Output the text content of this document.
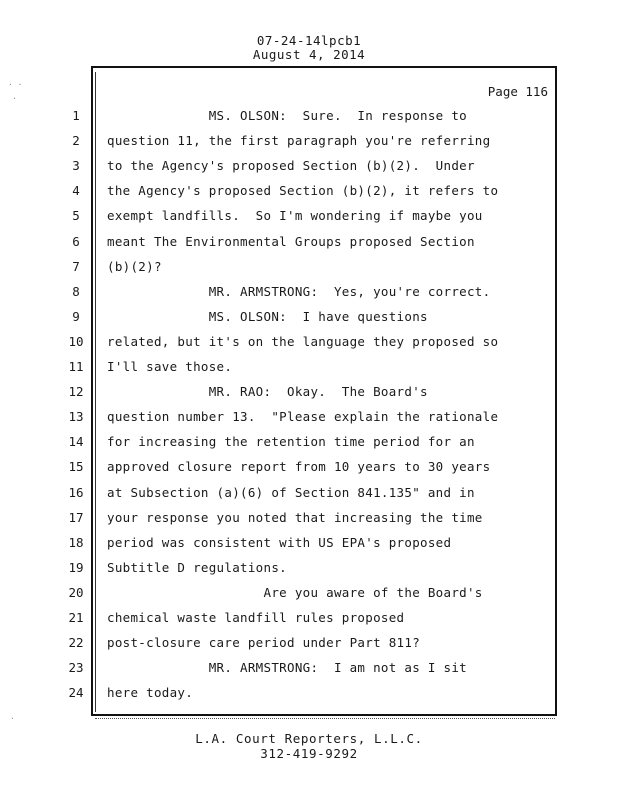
07-24-14lpcb1
August 4, 2014
Page 116
1	MS. OLSON:  Sure.  In response to
2	question 11, the first paragraph you're referring
3	to the Agency's proposed Section (b)(2).  Under
4	the Agency's proposed Section (b)(2), it refers to
5	exempt landfills.  So I'm wondering if maybe you
6	meant The Environmental Groups proposed Section
7	(b)(2)?
8	MR. ARMSTRONG:  Yes, you're correct.
9	MS. OLSON:  I have questions
10 related, but it's on the language they proposed so
11 I'll save those.
12 MR. RAO:  Okay.  The Board's
13 question number 13.  "Please explain the rationale
14 for increasing the retention time period for an
15 approved closure report from 10 years to 30 years
16 at Subsection (a)(6) of Section 841.135" and in
17 your response you noted that increasing the time
18 period was consistent with US EPA's proposed
19 Subtitle D regulations.
20 Are you aware of the Board's
21 chemical waste landfill rules proposed
22 post-closure care period under Part 811?
23 MR. ARMSTRONG:  I am not as I sit
24 here today.
L.A. Court Reporters, L.L.C.
312-419-9292
. .
.
.
